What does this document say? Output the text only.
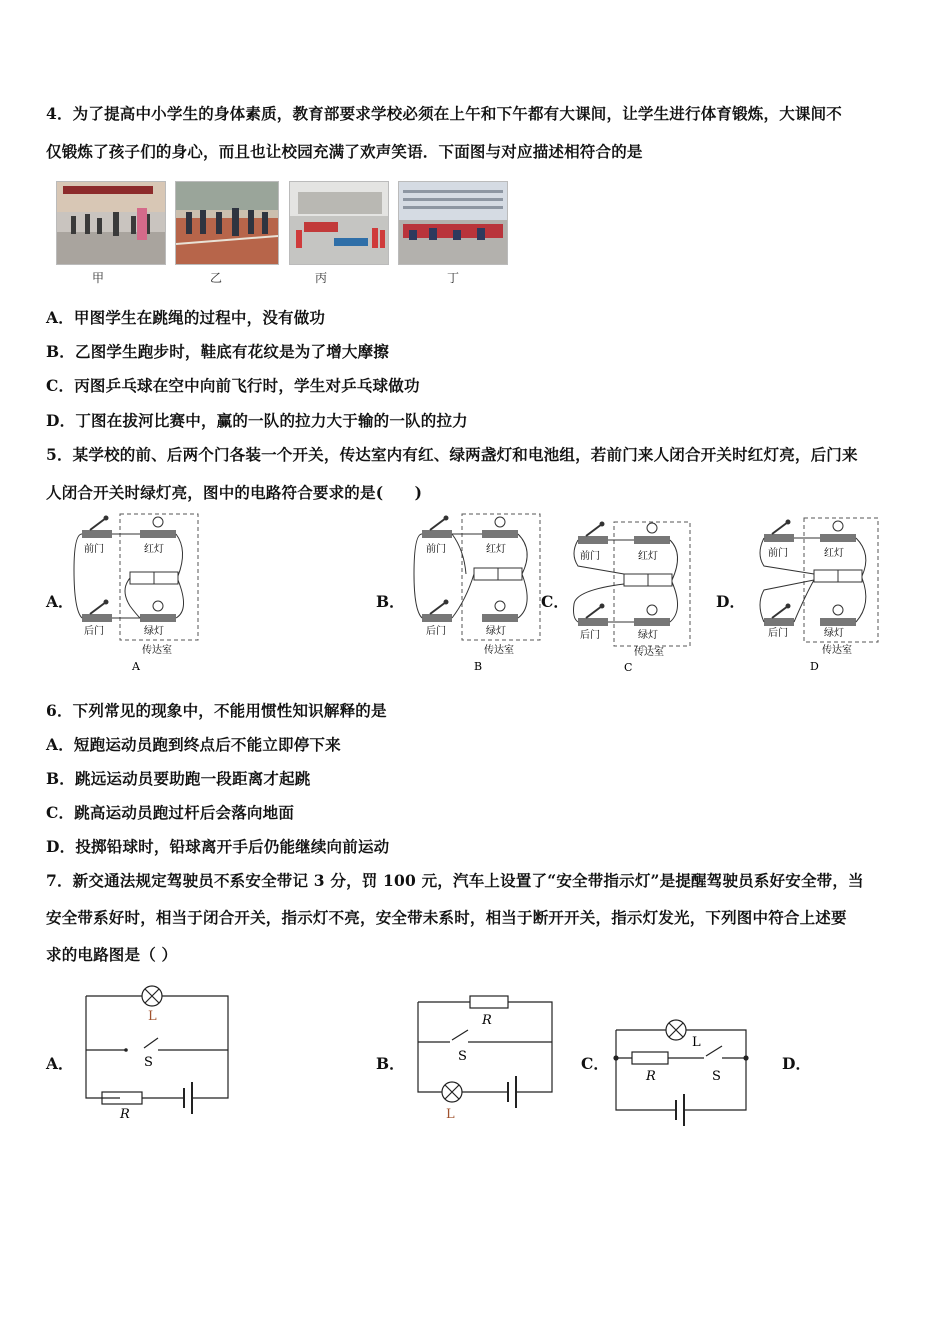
4．为了提高中小学生的身体素质，教育部要求学校必须在上午和下午都有大课间，让学生进行体育锻炼，大课间不
仅锻炼了孩子们的身心，而且也让校园充满了欢声笑语．下面图与对应描述相符合的是
甲	乙	丙	丁
A．甲图学生在跳绳的过程中，没有做功
B．乙图学生跑步时，鞋底有花纹是为了增大摩擦
C．丙图乒乓球在空中向前飞行时，学生对乒乓球做功
D．丁图在拔河比赛中，赢的一队的拉力大于输的一队的拉力
5．某学校的前、后两个门各装一个开关，传达室内有红、绿两盏灯和电池组，若前门来人闭合开关时红灯亮，后门来
人闭合开关时绿灯亮，图中的电路符合要求的是(　　)
A．	B．	C．	D．
前门	红灯
后门	绿灯
传达室
A
前门	红灯
后门	绿灯
传达室
B
前门	红灯
后门	绿灯
传达室
C
前门	红灯
后门	绿灯
传达室
D
6．下列常见的现象中，不能用惯性知识解释的是
A．短跑运动员跑到终点后不能立即停下来
B．跳远运动员要助跑一段距离才起跳
C．跳高运动员跑过杆后会落向地面
D．投掷铅球时，铅球离开手后仍能继续向前运动
7．新交通法规定驾驶员不系安全带记 3 分，罚 100 元，汽车上设置了“安全带指示灯”是提醒驾驶员系好安全带，当
安全带系好时，相当于闭合开关，指示灯不亮，安全带未系时，相当于断开开关，指示灯发光，下列图中符合上述要
求的电路图是（ ）
A．	B．	C．	D．
L
S
R
R
S
L
L
R	S
